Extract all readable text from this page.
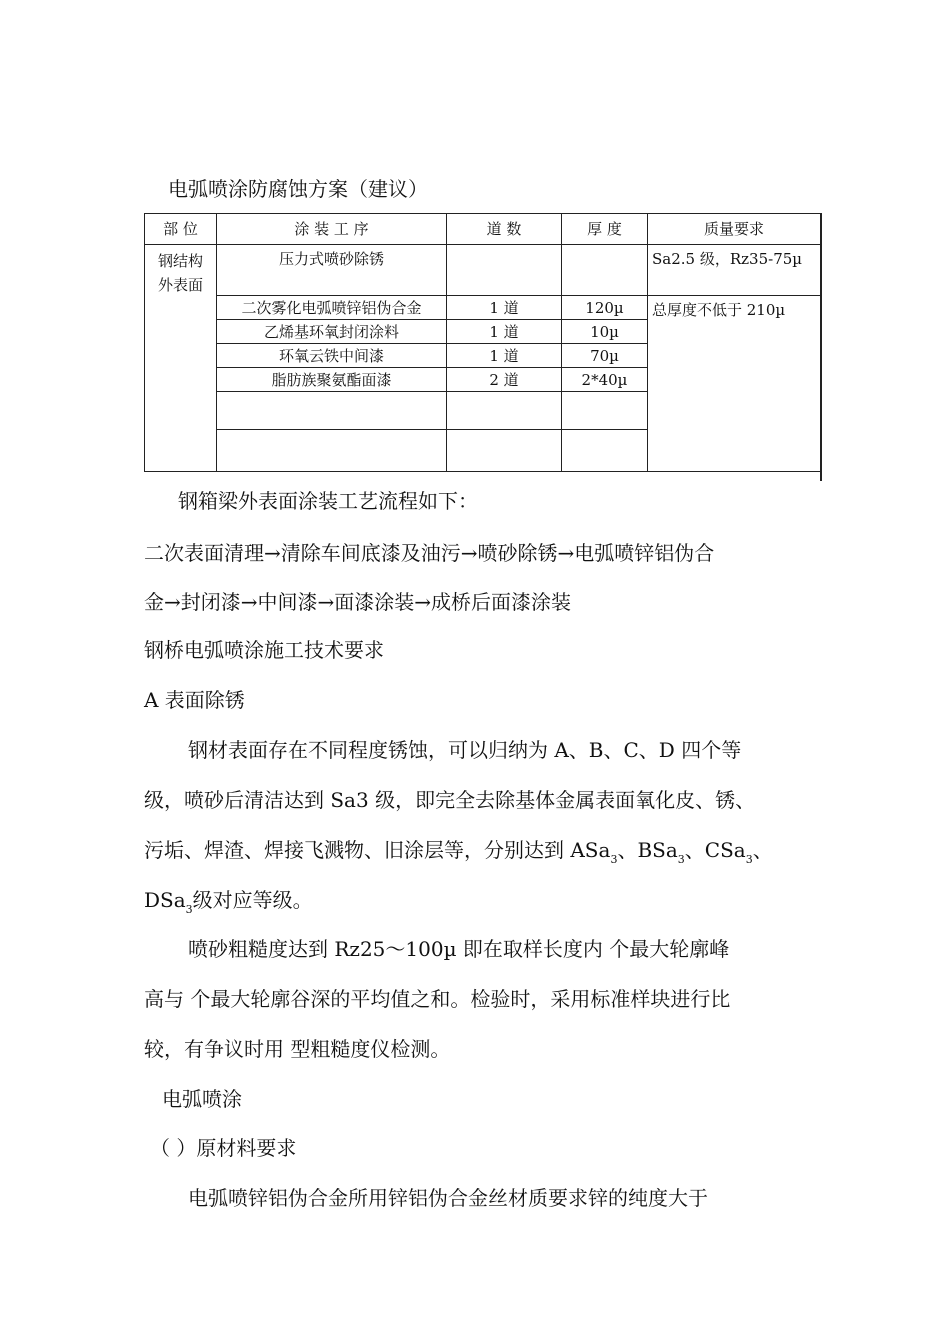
电弧喷涂防腐蚀方案（建议）
部 位	涂 装 工 序	道 数	厚 度	质量要求

钢结构
外表面	压力式喷砂除锈			Sa2.5 级，Rz35-75µ
	二次雾化电弧喷锌铝伪合金	1 道	120µ	总厚度不低于 210µ
	乙烯基环氧封闭涂料	1 道	10µ	
	环氧云铁中间漆	1 道	70µ	
	脂肪族聚氨酯面漆	2 道	2*40µ	

钢箱梁外表面涂装工艺流程如下：
二次表面清理→清除车间底漆及油污→喷砂除锈→电弧喷锌铝伪合
金→封闭漆→中间漆→面漆涂装→成桥后面漆涂装
钢桥电弧喷涂施工技术要求
A 表面除锈
钢材表面存在不同程度锈蚀，可以归纳为 A、B、C、D 四个等
级，喷砂后清洁达到 Sa3 级，即完全去除基体金属表面氧化皮、锈、
污垢、焊渣、焊接飞溅物、旧涂层等，分别达到 ASa$_3$、BSa$_3$、CSa$_3$、
DSa$_3$级对应等级。
喷砂粗糙度达到 Rz25～100µ 即在取样长度内 个最大轮廓峰
高与 个最大轮廓谷深的平均值之和。检验时，采用标准样块进行比
较，有争议时用 型粗糙度仪检测。
电弧喷涂
（ ）原材料要求
电弧喷锌铝伪合金所用锌铝伪合金丝材质要求锌的纯度大于
